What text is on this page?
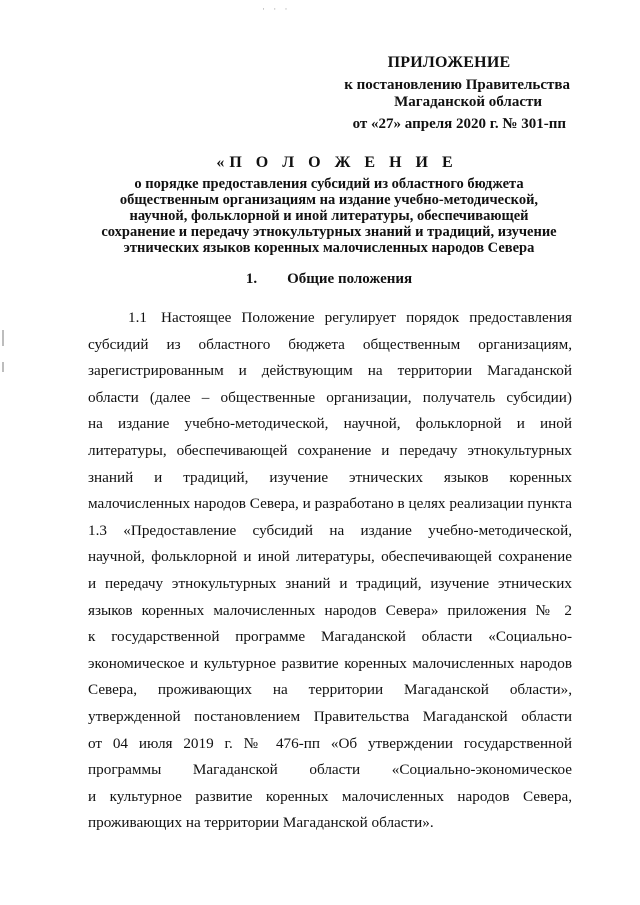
· · ·
ПРИЛОЖЕНИЕ
к постановлению Правительства
Магаданской области
от «27» апреля 2020 г. № 301-пп
«П О Л О Ж Е Н И Е
о порядке предоставления субсидий из областного бюджета
общественным организациям на издание учебно-методической,
научной, фольклорной и иной литературы, обеспечивающей
сохранение и передачу этнокультурных знаний и традиций, изучение
этнических языков коренных малочисленных народов Севера
1. Общие положения
1.1 Настоящее Положение регулирует порядок предоставления
субсидий из областного бюджета общественным организациям,
зарегистрированным и действующим на территории Магаданской
области (далее – общественные организации, получатель субсидии)
на издание учебно-методической, научной, фольклорной и иной
литературы, обеспечивающей сохранение и передачу этнокультурных
знаний и традиций, изучение этнических языков коренных
малочисленных народов Севера, и разработано в целях реализации пункта
1.3 «Предоставление субсидий на издание учебно-методической,
научной, фольклорной и иной литературы, обеспечивающей сохранение
и передачу этнокультурных знаний и традиций, изучение этнических
языков коренных малочисленных народов Севера» приложения № 2
к государственной программе Магаданской области «Социально-
экономическое и культурное развитие коренных малочисленных народов
Севера, проживающих на территории Магаданской области»,
утвержденной постановлением Правительства Магаданской области
от 04 июля 2019 г. № 476-пп «Об утверждении государственной
программы Магаданской области «Социально-экономическое
и культурное развитие коренных малочисленных народов Севера,
проживающих на территории Магаданской области».
